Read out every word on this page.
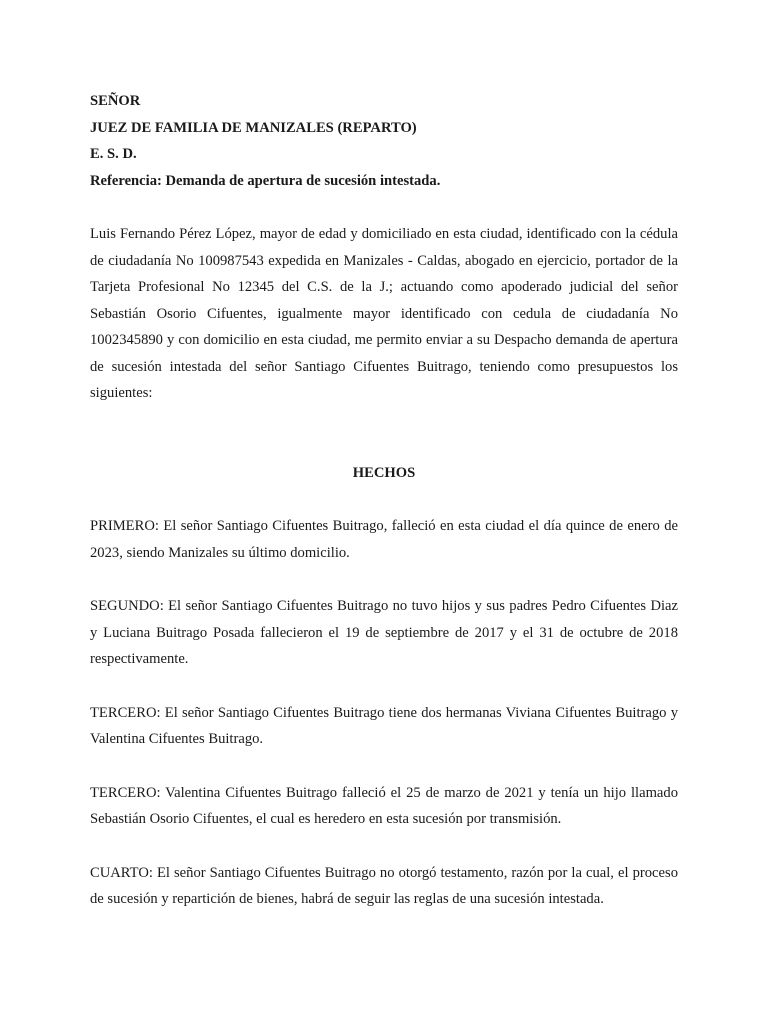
SEÑOR

JUEZ DE FAMILIA DE MANIZALES (REPARTO)

E. S. D.

Referencia: Demanda de apertura de sucesión intestada.

Luis Fernando Pérez López, mayor de edad y domiciliado en esta ciudad, identificado con la cédula de ciudadanía No 100987543 expedida en Manizales - Caldas, abogado en ejercicio, portador de la Tarjeta Profesional No 12345 del C.S. de la J.; actuando como apoderado judicial del señor Sebastián Osorio Cifuentes, igualmente mayor identificado con cedula de ciudadanía No 1002345890 y con domicilio en esta ciudad, me permito enviar a su Despacho demanda de apertura de sucesión intestada del señor Santiago Cifuentes Buitrago, teniendo como presupuestos los siguientes:

HECHOS

PRIMERO: El señor Santiago Cifuentes Buitrago, falleció en esta ciudad el día quince de enero de 2023, siendo Manizales su último domicilio.

SEGUNDO: El señor Santiago Cifuentes Buitrago no tuvo hijos y sus padres Pedro Cifuentes Diaz y Luciana Buitrago Posada fallecieron el 19 de septiembre de 2017 y el 31 de octubre de 2018 respectivamente.

TERCERO: El señor Santiago Cifuentes Buitrago tiene dos hermanas Viviana Cifuentes Buitrago y Valentina Cifuentes Buitrago.

TERCERO: Valentina Cifuentes Buitrago falleció el 25 de marzo de 2021 y tenía un hijo llamado Sebastián Osorio Cifuentes, el cual es heredero en esta sucesión por transmisión.

CUARTO: El señor Santiago Cifuentes Buitrago no otorgó testamento, razón por la cual, el proceso de sucesión y repartición de bienes, habrá de seguir las reglas de una sucesión intestada.
